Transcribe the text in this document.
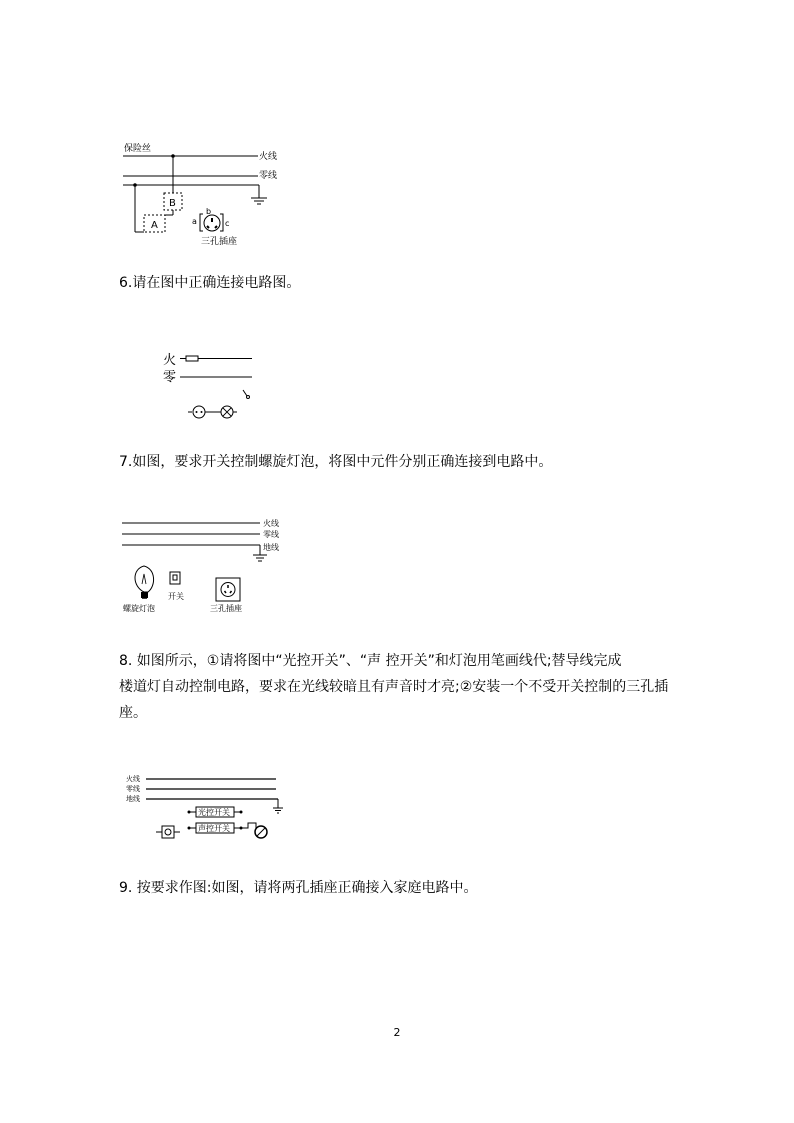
保险丝
火线
零线
B
A	a
b
c
三孔插座

6.请在图中正确连接电路图。

火
零

7.如图，要求开关控制螺旋灯泡，将图中元件分别正确连接到电路中。

火线
零线
地线
螺旋灯泡
开关
三孔插座

8. 如图所示，①请将图中“光控开关”、“声 控开关”和灯泡用笔画线代;替导线完成

楼道灯自动控制电路，要求在光线较暗且有声音时才亮;②安装一个不受开关控制的三孔插

座。

火线
零线
地线
光控开关
声控开关

9. 按要求作图:如图，请将两孔插座正确接入家庭电路中。

2
